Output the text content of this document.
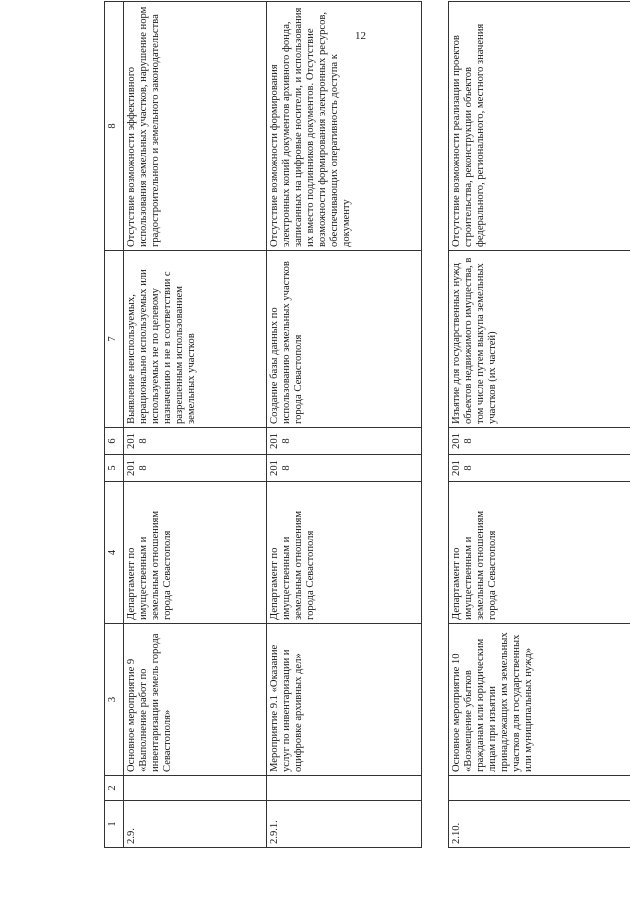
12
1	2	3	4	5	6	7	8
2.9.		Основное мероприятие 9 «Выполнение работ по инвентаризации земель города Севастополя»	Департамент по имущественным и земельным отношениям города Севастополя	2018	2018	Выявление неиспользуемых, нерационально используемых или используемых не по целевому назначению и не в соответствии с разрешенным использованием земельных участков	Отсутствие возможности эффективного использования земельных участков, нарушение норм градостроительного и земельного законодательства
2.9.1.		Мероприятие 9.1 «Оказание услуг по инвентаризации и оцифровке архивных дел»	Департамент по имущественным и земельным отношениям города Севастополя	2018	2018	Создание базы данных по использованию земельных участков города Севастополя	Отсутствие возможности формирования электронных копий документов архивного фонда, записанных на цифровые носители, и использования их вместо подлинников документов. Отсутствие возможности формирования электронных ресурсов, обеспечивающих оперативность доступа к документу

2.10.		Основное мероприятие 10 «Возмещение убытков гражданам или юридическим лицам при изъятии принадлежащих им земельных участков для государственных или муниципальных нужд»	Департамент по имущественным и земельным отношениям города Севастополя	2018	2018	Изъятие для государственных нужд объектов недвижимого имущества, в том числе путем выкупа земельных участков (их частей)	Отсутствие возможности реализации проектов строительства, реконструкции объектов федерального, регионального, местного значения
